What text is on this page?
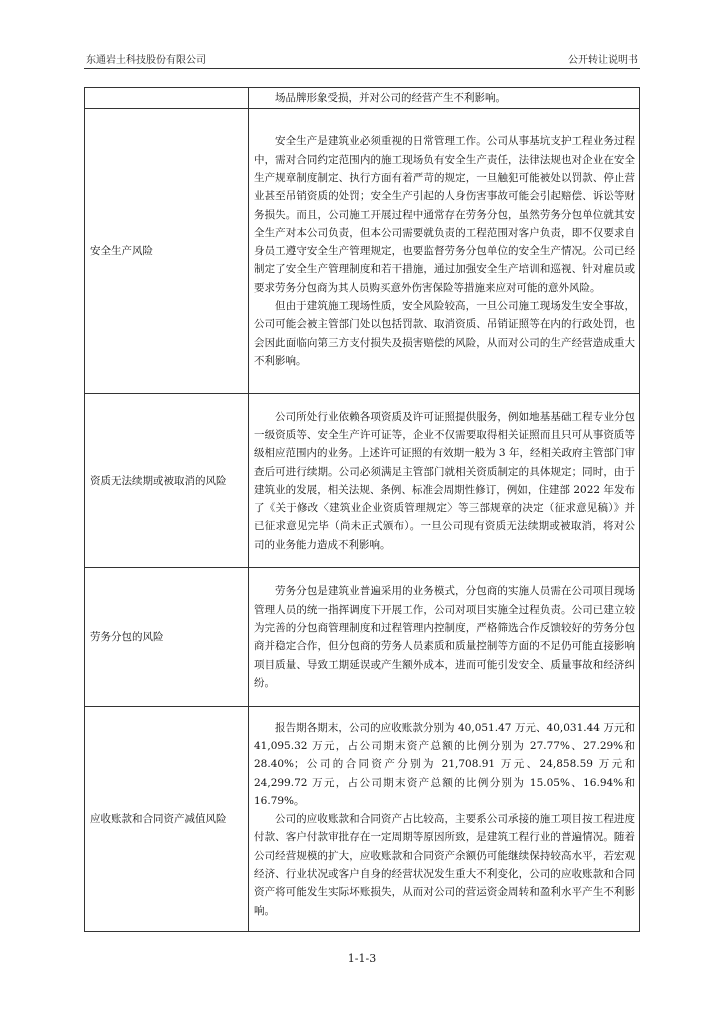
东通岩土科技股份有限公司	公开转让说明书

	场品牌形象受损，并对公司的经营产生不利影响。

安全生产风险	安全生产是建筑业必须重视的日常管理工作。公司从事基坑支护工程业务过程中，需对合同约定范围内的施工现场负有安全生产责任，法律法规也对企业在安全生产规章制度制定、执行方面有着严苛的规定，一旦触犯可能被处以罚款、停止营业甚至吊销资质的处罚；安全生产引起的人身伤害事故可能会引起赔偿、诉讼等财务损失。而且，公司施工开展过程中通常存在劳务分包，虽然劳务分包单位就其安全生产对本公司负责，但本公司需要就负责的工程范围对客户负责，即不仅要求自身员工遵守安全生产管理规定，也要监督劳务分包单位的安全生产情况。公司已经制定了安全生产管理制度和若干措施，通过加强安全生产培训和巡视、针对雇员或要求劳务分包商为其人员购买意外伤害保险等措施来应对可能的意外风险。

但由于建筑施工现场性质，安全风险较高，一旦公司施工现场发生安全事故，公司可能会被主管部门处以包括罚款、取消资质、吊销证照等在内的行政处罚，也会因此面临向第三方支付损失及损害赔偿的风险，从而对公司的生产经营造成重大不利影响。

资质无法续期或被取消的风险	公司所处行业依赖各项资质及许可证照提供服务，例如地基基础工程专业分包一级资质等、安全生产许可证等，企业不仅需要取得相关证照而且只可从事资质等级相应范围内的业务。上述许可证照的有效期一般为 3 年，经相关政府主管部门审查后可进行续期。公司必须满足主管部门就相关资质制定的具体规定；同时，由于建筑业的发展，相关法规、条例、标准会周期性修订，例如，住建部 2022 年发布了《关于修改〈建筑业企业资质管理规定〉等三部规章的决定（征求意见稿）》并已征求意见完毕（尚未正式颁布）。一旦公司现有资质无法续期或被取消，将对公司的业务能力造成不利影响。

劳务分包的风险	劳务分包是建筑业普遍采用的业务模式，分包商的实施人员需在公司项目现场管理人员的统一指挥调度下开展工作，公司对项目实施全过程负责。公司已建立较为完善的分包商管理制度和过程管理内控制度，严格筛选合作反馈较好的劳务分包商并稳定合作，但分包商的劳务人员素质和质量控制等方面的不足仍可能直接影响项目质量、导致工期延误或产生额外成本，进而可能引发安全、质量事故和经济纠纷。

应收账款和合同资产减值风险	报告期各期末，公司的应收账款分别为 40,051.47 万元、40,031.44 万元和 41,095.32 万元，占公司期末资产总额的比例分别为 27.77%、27.29%和 28.40%；公司的合同资产分别为 21,708.91 万元、24,858.59 万元和 24,299.72 万元，占公司期末资产总额的比例分别为 15.05%、16.94%和 16.79%。

公司的应收账款和合同资产占比较高，主要系公司承接的施工项目按工程进度付款、客户付款审批存在一定周期等原因所致，是建筑工程行业的普遍情况。随着公司经营规模的扩大，应收账款和合同资产余额仍可能继续保持较高水平，若宏观经济、行业状况或客户自身的经营状况发生重大不利变化，公司的应收账款和合同资产将可能发生实际坏账损失，从而对公司的营运资金周转和盈利水平产生不利影响。

1-1-3
